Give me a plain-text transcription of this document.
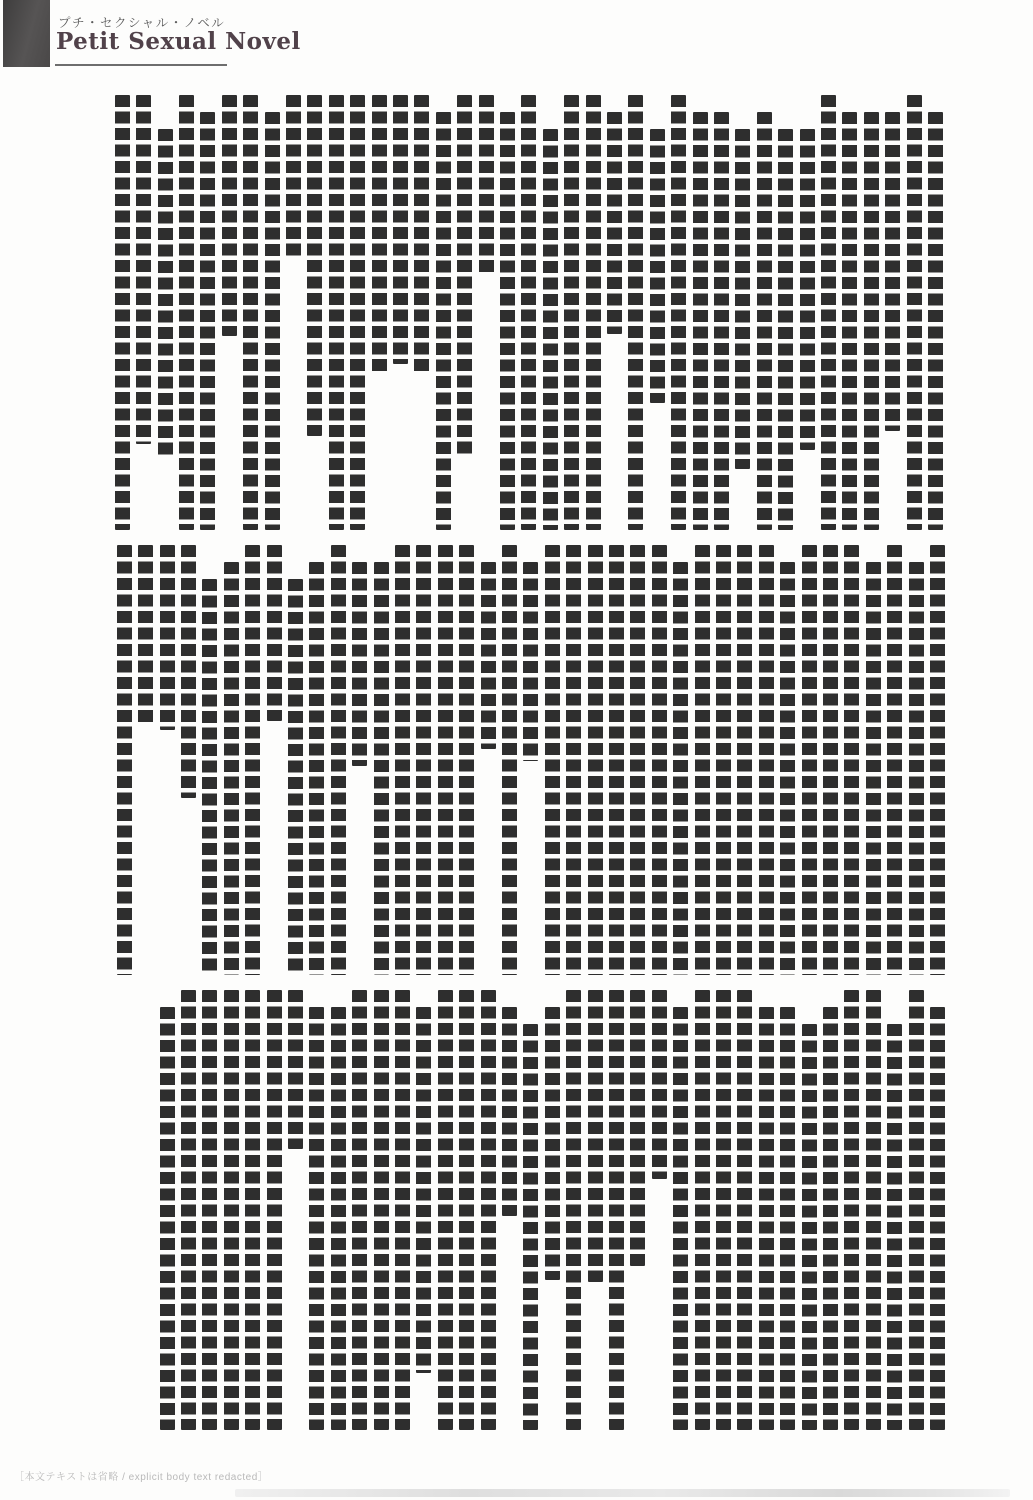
プチ・セクシャル・ノベル
Petit Sexual Novel
［本文テキストは省略 / explicit body text redacted］
